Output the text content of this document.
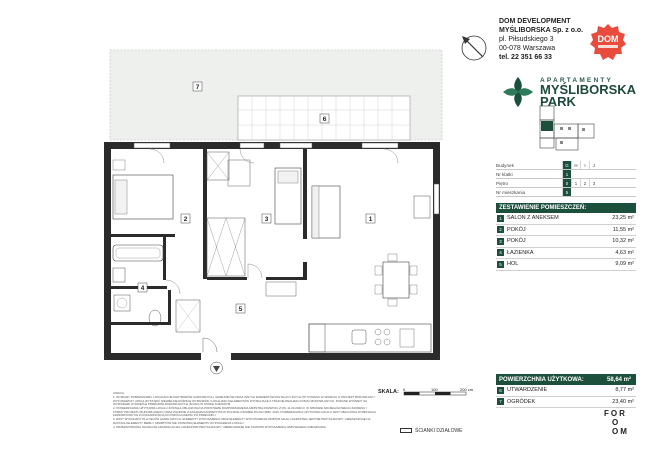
1
2	3
4
5
6
7
DOM DEVELOPMENT
MYŚLIBORSKA Sp. z o.o.
pl. Piłsudskiego 3
00-078 Warszawa
tel. 22 351 66 33
DOM
APARTAMENTY
MYŚLIBORSKA
PARK
Budynek	G	H	I	J
Nr klatki	1
Piętro	0	1	2	3
Nr mieszkania	5
ZESTAWIENIE POMIESZCZEŃ:
1 SALON Z ANEKSEM	23,25 m²
2 POKÓJ	11,55 m²
3 POKÓJ	10,32 m²
4 ŁAZIENKA	4,63 m²
5 HOL	9,09 m²
POWIERZCHNIA UŻYTKOWA:	58,64 m²
6 UTWARDZENIE	8,77 m²
7 OGRÓDEK	23,40 m²

UWAGA:

1. WYMIARY POMIESZCZEŃ, LOKALIZACJE PRZYBORÓW SANITARNYCH, GRZEJNIKÓW ORAZ INNYCH ELEMENTÓW INSTALACYJNYCH ITP. PODANO W OPARCIU O PROJEKT BUDOWLANY I WYKONAWCZY. MOGĄ WYSTĄPIĆ NIEWIELKIE RÓŻNICE WYMIARÓW I LOKALIZACJI ELEMENTÓW WYNIKAJĄCE Z TRAKCIE REALIZACJI PRAC BUDOWLANYCH. PODANE WYMIARY SĄ WYMIARAMI W ŚWIETLE PRZEGRÓD BUDOWLANYCH (ŚCIAN) W STANIE SUROWYM.

2. POWIERZCHNIA UŻYTKOWA LOKALU ZOSTAŁA OBLICZONA NA PODSTAWIE ROZPORZĄDZENIA MINISTRA ROZWOJU Z DN. 11.09.2020 R. W SPRAWIE SZCZEGÓŁOWEGO ZAKRESU I FORMY PROJEKTU BUDOWLANEGO ORAZ ZGODNIE Z ZASADAMI ZAWARTYMI W POLSKIEJ NORMIE PN-ISO 9836. 2015. POWIERZCHNIA UŻYTKOWA LOKALU JEST OBLICZONA W METRACH KWADRATOWYCH Z DOKŁADNOŚCIĄ DO DWÓCH MIEJSC PO PRZECINKU.

3. RZUT WYKONANY DLA CELÓW HANDLOWYCH. ELEMENTY WYPOSAŻENIA ORAZ ELEMENTY WYKOŃCZENIA WNĘTRZ MAJĄ CHARAKTER JEDYNIE PRZYKŁADOWY. UMIESZCZONE NA RZUTACH ELEMENTY MEBLI I SPRZĘTÓW NIE STANOWIĄ ELEMENTU WYPOSAŻENIA LOKALU.

4. PRZEDSTAWIONA NA RZUCIE ARANŻACJA MA CHARAKTER PRZYKŁADOWY, UMEBLOWANIE NIE STANOWI WYPOSAŻENIA NABYWANEGO MIESZKANIA.

SKALA: 0	100	200 cm
ŚCIANKI DZIAŁOWE
FOR
O
OM
